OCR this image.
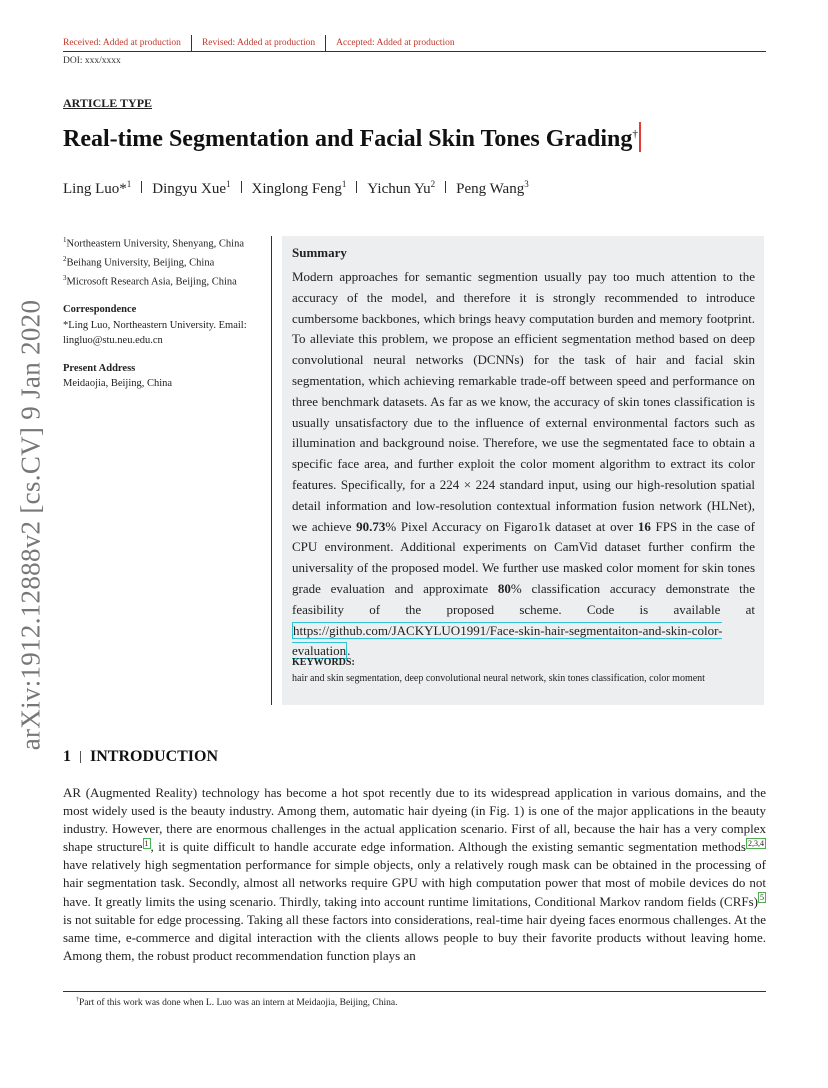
Received: Added at production Revised: Added at production Accepted: Added at production
DOI: xxx/xxxx
ARTICLE TYPE
Real-time Segmentation and Facial Skin Tones Grading†
Ling Luo*$^1$ Dingyu Xue$^1$ Xinglong Feng$^1$ Yichun Yu$^2$ Peng Wang$^3$
$^1$Northeastern University, Shenyang, China
$^2$Beihang University, Beijing, China
$^3$Microsoft Research Asia, Beijing, China
Correspondence
*Ling Luo, Northeastern University. Email: lingluo@stu.neu.edu.cn
Present Address
Meidaojia, Beijing, China
arXiv:1912.12888v2 [cs.CV] 9 Jan 2020
Summary
Modern approaches for semantic segmention usually pay too much attention to the accuracy of the model, and therefore it is strongly recommended to introduce cumbersome backbones, which brings heavy computation burden and memory footprint. To alleviate this problem, we propose an efficient segmentation method based on deep convolutional neural networks (DCNNs) for the task of hair and facial skin segmentation, which achieving remarkable trade-off between speed and performance on three benchmark datasets. As far as we know, the accuracy of skin tones classification is usually unsatisfactory due to the influence of external environmental factors such as illumination and background noise. Therefore, we use the segmentated face to obtain a specific face area, and further exploit the color moment algorithm to extract its color features. Specifically, for a 224 × 224 standard input, using our high-resolution spatial detail information and low-resolution contextual information fusion network (HLNet), we achieve 90.73% Pixel Accuracy on Figaro1k dataset at over 16 FPS in the case of CPU environment. Additional experiments on CamVid dataset further confirm the universality of the proposed model. We further use masked color moment for skin tones grade evaluation and approximate 80% classification accuracy demonstrate the feasibility of the proposed scheme. Code is available at https://github.com/JACKYLUO1991/Face-skin-hair-segmentaiton-and-skin-color-evaluation.
KEYWORDS:
hair and skin segmentation, deep convolutional neural network, skin tones classification, color moment
1 INTRODUCTION
AR (Augmented Reality) technology has become a hot spot recently due to its widespread application in various domains, and the most widely used is the beauty industry. Among them, automatic hair dyeing (in Fig. 1) is one of the major applications in the beauty industry. However, there are enormous challenges in the actual application scenario. First of all, because the hair has a very complex shape structure $^1$ , it is quite difficult to handle accurate edge information. Although the existing semantic segmentation methods $^{2,3,4}$ have relatively high segmentation performance for simple objects, only a relatively rough mask can be obtained in the processing of hair segmentation task. Secondly, almost all networks require GPU with high computation power that most of mobile devices do not have. It greatly limits the using scenario. Thirdly, taking into account runtime limitations, Conditional Markov random fields (CRFs) $^5$ is not suitable for edge processing. Taking all these factors into considerations, real-time hair dyeing faces enormous challenges. At the same time, e-commerce and digital interaction with the clients allows people to buy their favorite products without leaving home. Among them, the robust product recommendation function plays an
†Part of this work was done when L. Luo was an intern at Meidaojia, Beijing, China.
